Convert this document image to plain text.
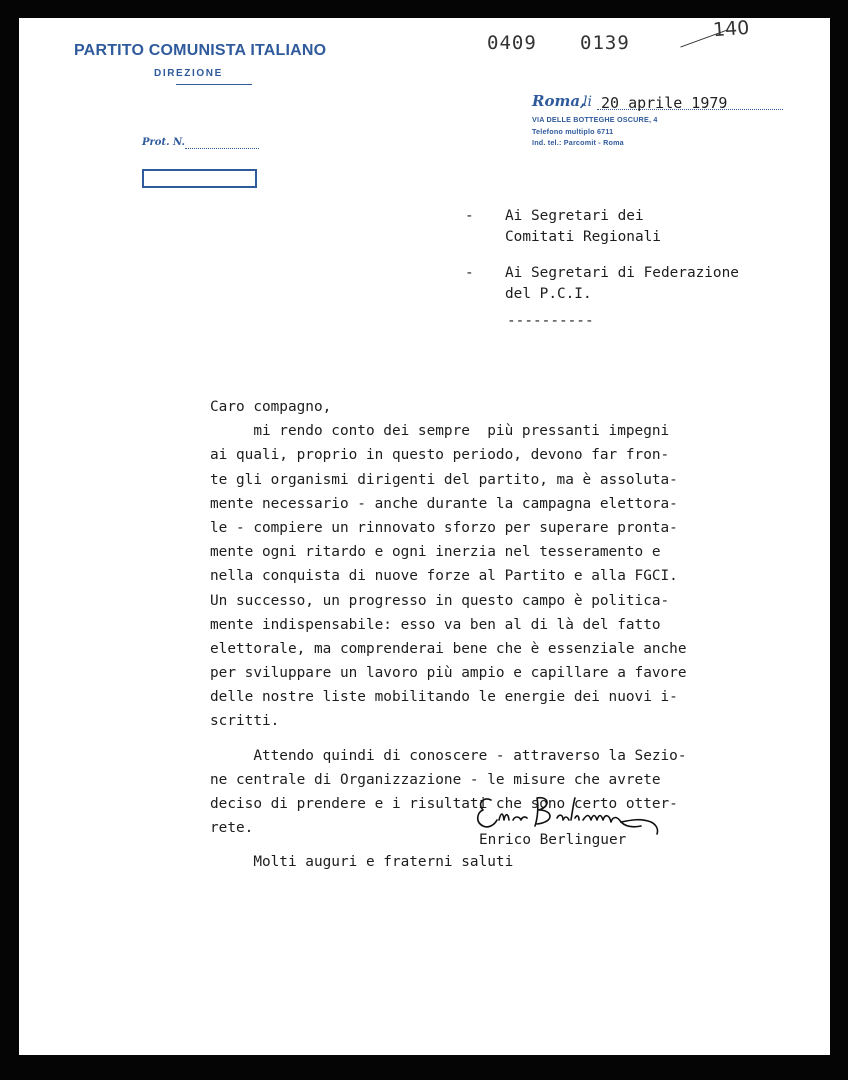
PARTITO COMUNISTA ITALIANO
DIREZIONE
0409 0139
140
Roma,
li 20 aprile 1979
VIA DELLE BOTTEGHE OSCURE, 4
Telefono multiplo 6711
Ind. tel.: Parcomit - Roma
Prot. N.
- Ai Segretari dei
Comitati Regionali
- Ai Segretari di Federazione
del P.C.I.
----------
Caro compagno,
mi rendo conto dei sempre  più pressanti impegni
ai quali, proprio in questo periodo, devono far fron-
te gli organismi dirigenti del partito, ma è assoluta-
mente necessario - anche durante la campagna elettora-
le - compiere un rinnovato sforzo per superare pronta-
mente ogni ritardo e ogni inerzia nel tesseramento e
nella conquista di nuove forze al Partito e alla FGCI.
Un successo, un progresso in questo campo è politica-
mente indispensabile: esso va ben al di là del fatto
elettorale, ma comprenderai bene che è essenziale anche
per sviluppare un lavoro più ampio e capillare a favore
delle nostre liste mobilitando le energie dei nuovi i-
scritti.
Attendo quindi di conoscere - attraverso la Sezio-
ne centrale di Organizzazione - le misure che avrete
deciso di prendere e i risultati che sono certo otter-
rete.
Molti auguri e fraterni saluti
Enrico Berlinguer
